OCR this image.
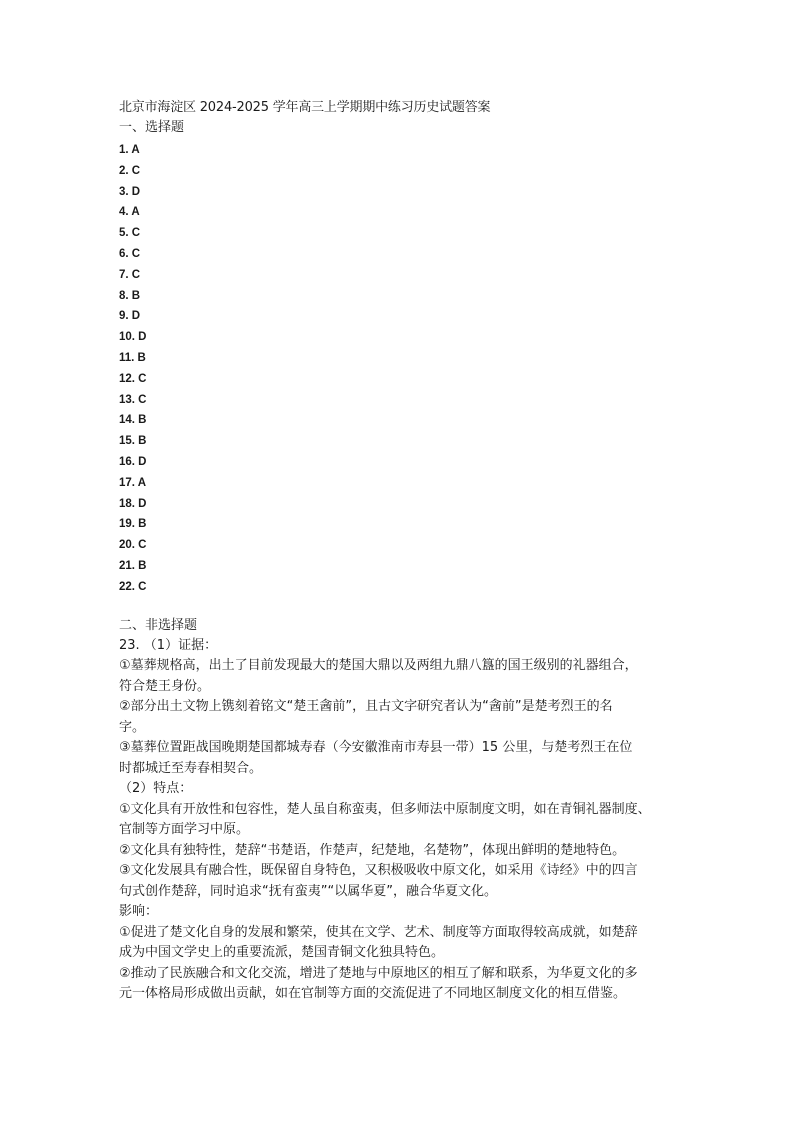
北京市海淀区 2024-2025 学年高三上学期期中练习历史试题答案
一、选择题
1. A
2. C
3. D
4. A
5. C
6. C
7. C
8. B
9. D
10. D
11. B
12. C
13. C
14. B
15. B
16. D
17. A
18. D
19. B
20. C
21. B
22. C
二、非选择题
23. （1）证据：
①墓葬规格高，出土了目前发现最大的楚国大鼎以及两组九鼎八簋的国王级别的礼器组合，
符合楚王身份。
②部分出土文物上镌刻着铭文“楚王酓前”，且古文字研究者认为“酓前”是楚考烈王的名
字。
③墓葬位置距战国晚期楚国都城寿春（今安徽淮南市寿县一带）15 公里，与楚考烈王在位
时都城迁至寿春相契合。
（2）特点：
①文化具有开放性和包容性，楚人虽自称蛮夷，但多师法中原制度文明，如在青铜礼器制度、
官制等方面学习中原。
②文化具有独特性，楚辞“书楚语，作楚声，纪楚地，名楚物”，体现出鲜明的楚地特色。
③文化发展具有融合性，既保留自身特色，又积极吸收中原文化，如采用《诗经》中的四言
句式创作楚辞，同时追求“抚有蛮夷”“以属华夏”，融合华夏文化。
影响：
①促进了楚文化自身的发展和繁荣，使其在文学、艺术、制度等方面取得较高成就，如楚辞
成为中国文学史上的重要流派，楚国青铜文化独具特色。
②推动了民族融合和文化交流，增进了楚地与中原地区的相互了解和联系，为华夏文化的多
元一体格局形成做出贡献，如在官制等方面的交流促进了不同地区制度文化的相互借鉴。
